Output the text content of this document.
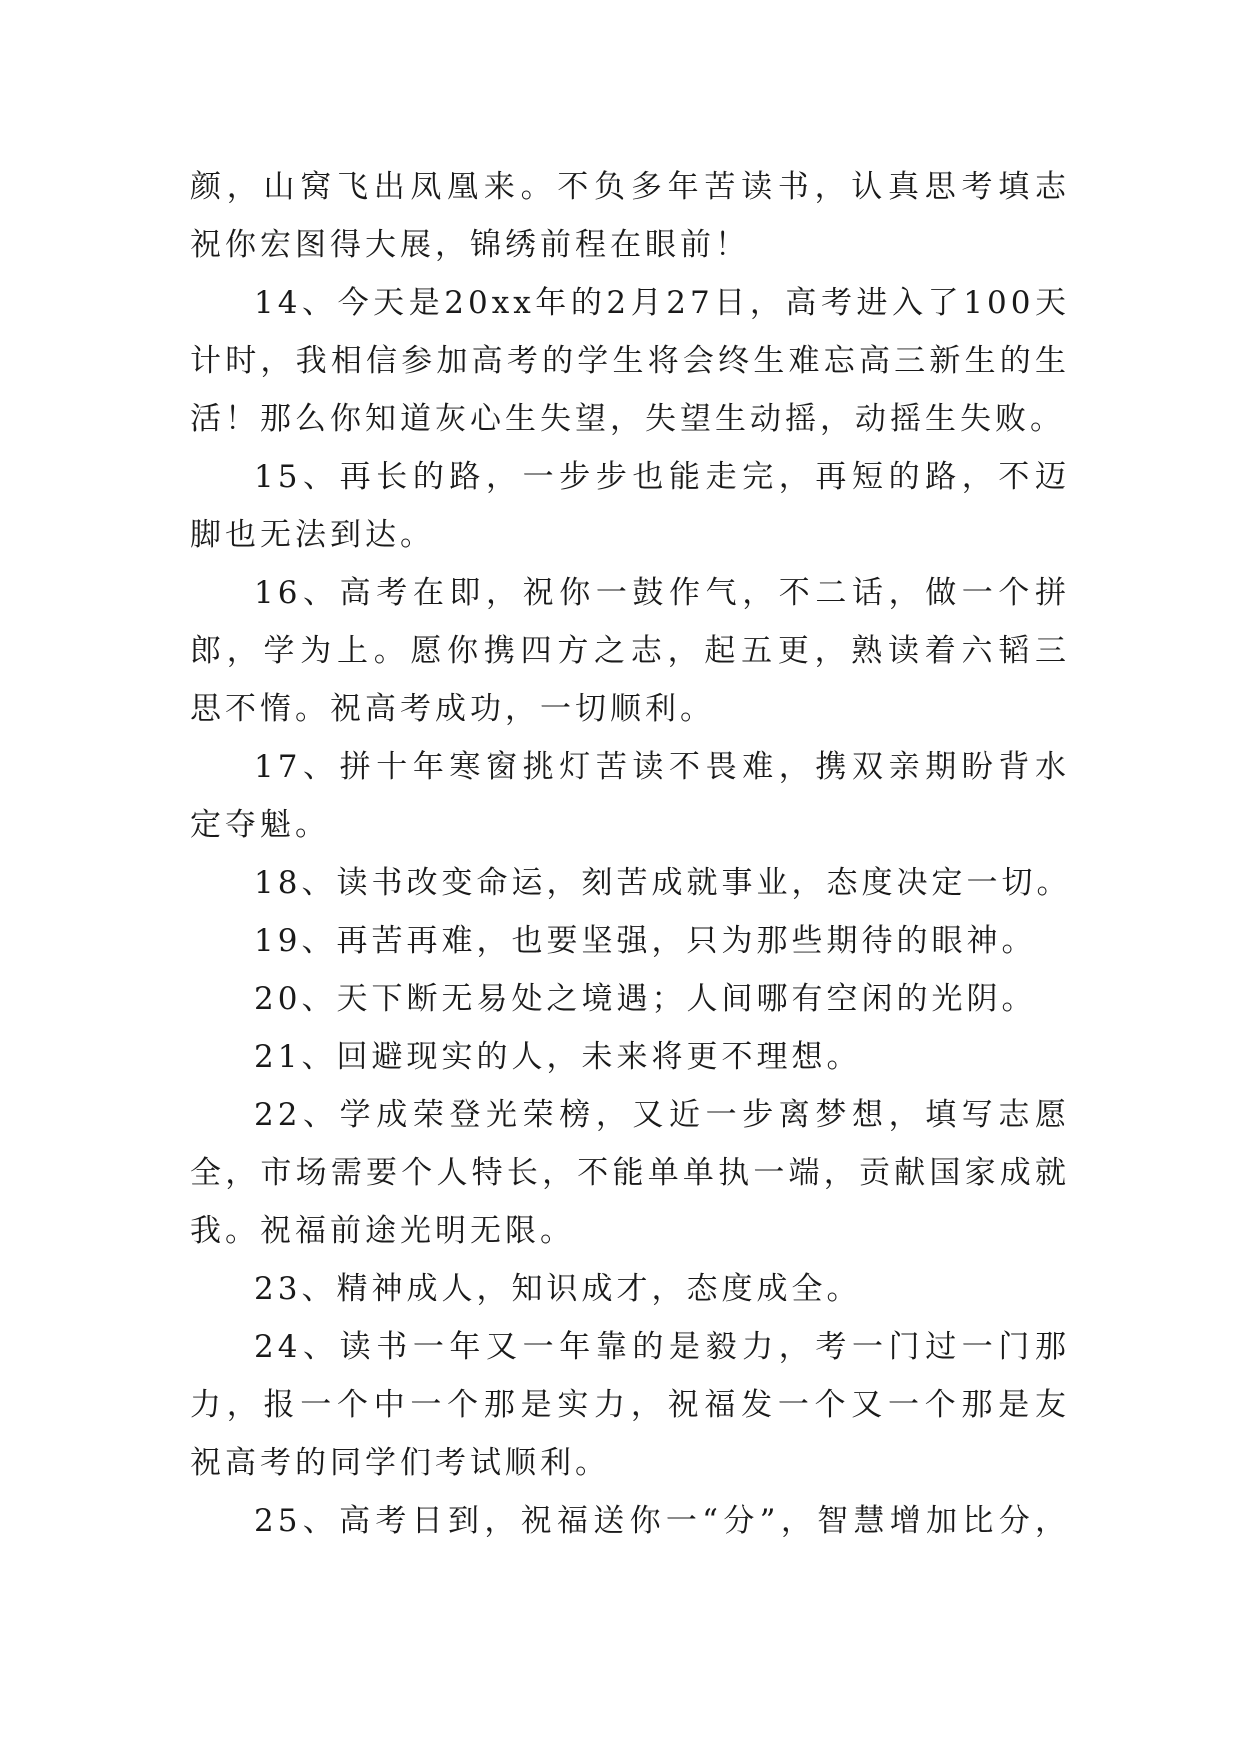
颜，山窝飞出凤凰来。不负多年苦读书，认真思考填志
祝你宏图得大展，锦绣前程在眼前！
14、今天是20xx年的2月27日，高考进入了100天
计时，我相信参加高考的学生将会终生难忘高三新生的生
活！那么你知道灰心生失望，失望生动摇，动摇生失败。
15、再长的路，一步步也能走完，再短的路，不迈
脚也无法到达。
16、高考在即，祝你一鼓作气，不二话，做一个拼
郎，学为上。愿你携四方之志，起五更，熟读着六韬三
思不惰。祝高考成功，一切顺利。
17、拼十年寒窗挑灯苦读不畏难，携双亲期盼背水
定夺魁。
18、读书改变命运，刻苦成就事业，态度决定一切。
19、再苦再难，也要坚强，只为那些期待的眼神。
20、天下断无易处之境遇；人间哪有空闲的光阴。
21、回避现实的人，未来将更不理想。
22、学成荣登光荣榜，又近一步离梦想，填写志愿
全，市场需要个人特长，不能单单执一端，贡献国家成就
我。祝福前途光明无限。
23、精神成人，知识成才，态度成全。
24、读书一年又一年靠的是毅力，考一门过一门那
力，报一个中一个那是实力，祝福发一个又一个那是友
祝高考的同学们考试顺利。
25、高考日到，祝福送你一“分”，智慧增加比分，
